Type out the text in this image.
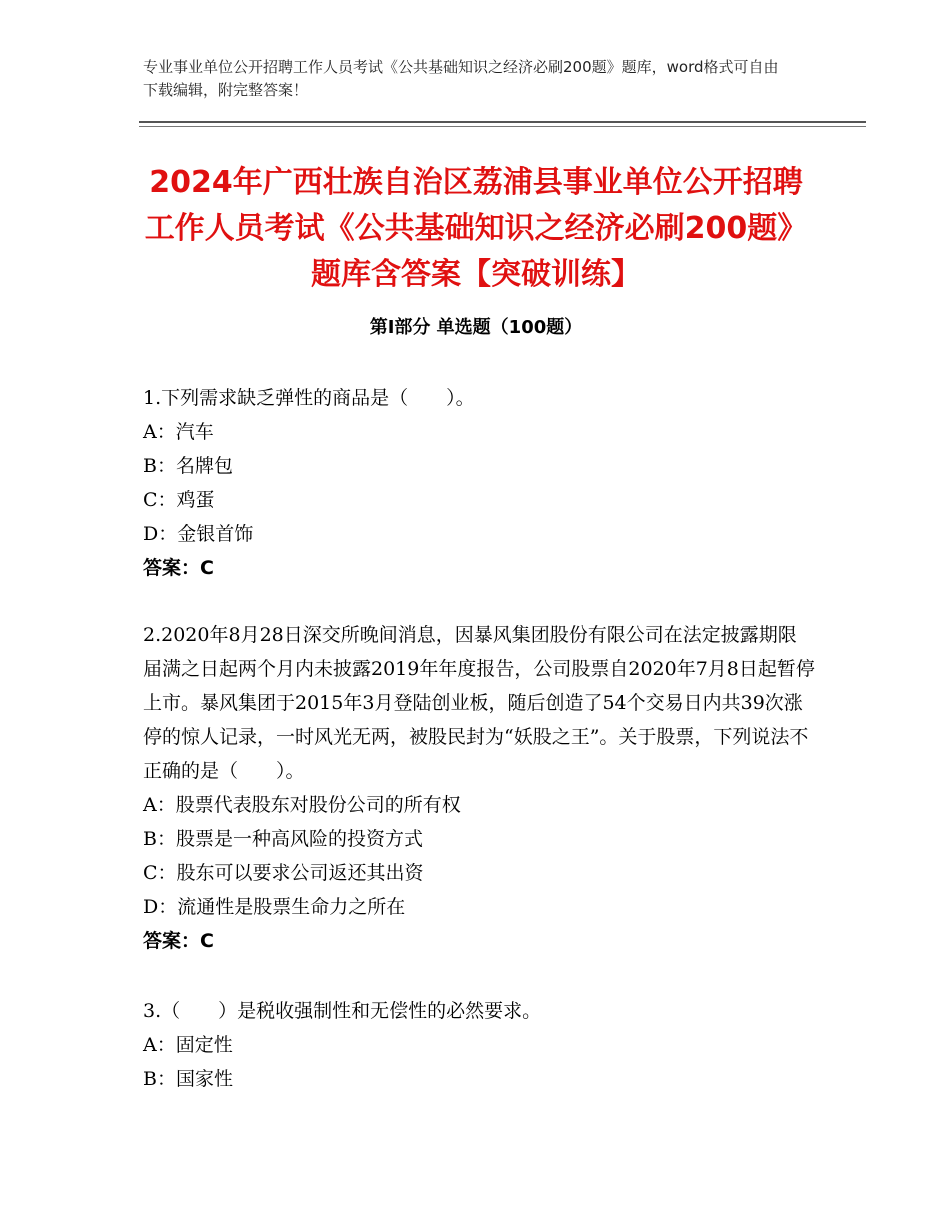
专业事业单位公开招聘工作人员考试《公共基础知识之经济必刷200题》题库，word格式可自由下载编辑，附完整答案！
2024年广西壮族自治区荔浦县事业单位公开招聘工作人员考试《公共基础知识之经济必刷200题》题库含答案【突破训练】
第Ⅰ部分 单选题（100题）

1.下列需求缺乏弹性的商品是（　　）。

A：汽车

B：名牌包

C：鸡蛋

D：金银首饰

答案：C

2.2020年8月28日深交所晚间消息，因暴风集团股份有限公司在法定披露期限届满之日起两个月内未披露2019年年度报告，公司股票自2020年7月8日起暂停上市。暴风集团于2015年3月登陆创业板，随后创造了54个交易日内共39次涨停的惊人记录，一时风光无两，被股民封为“妖股之王”。关于股票，下列说法不正确的是（　　）。

A：股票代表股东对股份公司的所有权

B：股票是一种高风险的投资方式

C：股东可以要求公司返还其出资

D：流通性是股票生命力之所在

答案：C

3.（　　）是税收强制性和无偿性的必然要求。

A：固定性

B：国家性
